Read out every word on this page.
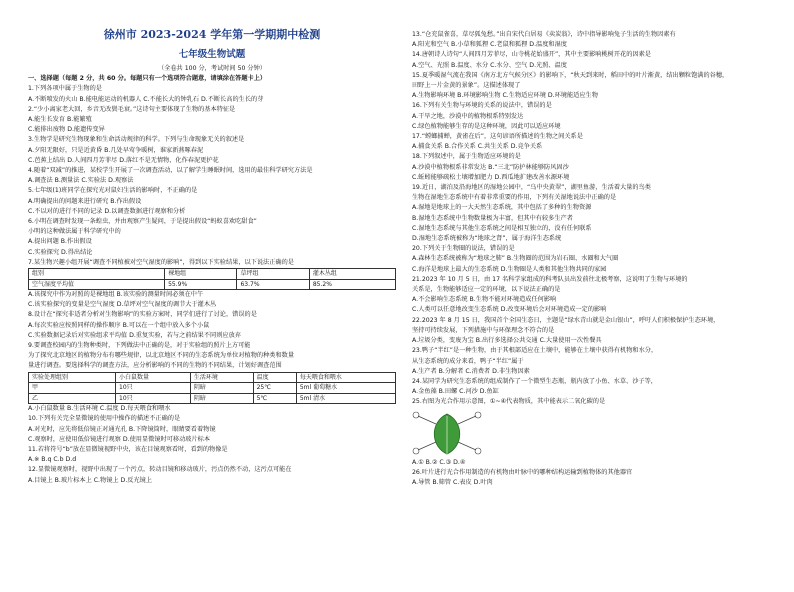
徐州市 2023-2024 学年第一学期期中检测
七年级生物试题
（全卷共 100 分，考试时间 50 分钟）
一、选择题（每题 2 分，共 60 分。每题只有一个选项符合题意，请填涂在答题卡上）
1.下列各项中属于生物的是
A.不断喷发的火山 B.能电能运动的机器人 C.不能长大的钟乳石 D.不断长高的生长的芽
2.“少小离家老大回，乡音无改鬓毛衰。”这诗句主要体现了生物的基本特征是
A.能生长发育 B.能繁殖
C.能排出废物 D.能遗传变异
3.生物学是研究生物现象和生命活动规律的科学。下列与生命现象无关的叙述是
A.夕阳无限好，只是近黄昏 B.几处早莺争暖树，谁家新燕啄春泥
C.芭蕉上结出 D.人间四月芳菲尽 D.落红不是无情物，化作春泥更护花
4.随着“双减”的推进，某校学生开展了一次调查活动，以了解学生睡眠时间，选用的最佳科学研究方法是
A.调查法 B.测量法 C.实验法 D.观察法
5.七年级(1)班同学在探究光对鼠妇生活的影响时，不正确的是
A.明确提出的问题来进行研究 B.作出假设
C.不以对的进行不同的记录 D.以调查数据进行观察和分析
6.小明在调查时发现一条蝗虫，并由观察产生疑问，于是提出假设“蚂蚁喜欢吃甜食”
小明的这种做法属于科学研究中的
A.提出问题 B.作出假设
C.实验探究 D.得出结论
7.某生物兴趣小组开展“调查不同植被对空气湿度的影响”，得到以下实验结果，以下说法正确的是
组别	裸地组	草坪组	灌木丛组
空气湿度平均值	55.9%	63.7%	85.2%
A.该探究中作为对照的是裸地组 B.该实验的测量时间必须在中午
C.该实验探究的变量是空气湿度 D.草坪对空气湿度的调节大于灌木丛
8.设计在“探究非适者分析对生物影响”的实验方案时，同学们进行了讨论，错误的是
A.每次实验应按照同样的操作顺序 B.可以在一个组中放入多个小鼠
C.实验数据记录后对实验组求平均值 D.重复实验，若与之前结果不同则应放弃
9.要调查校园内的生物种类时，下列做法中正确的是，对于实验组的照片上方可能
为了探究北京地区的植物分布有哪些规律，以北京地区不同的生态系统为单位对植物的种类和数量
量进行调查。要选择科学的调查方法，应分析影响的不同的生物的不同结果，计划好调查范围
实验处理组别	小白鼠数量	生活环境	温度	每天喂食和喂水
甲	10只	阴暗	25℃	5ml 葡萄糖水
乙	10只	阴暗	5℃	5ml 清水
A.小白鼠数量 B.生活环境 C.温度 D.每天喂食和喂水
10.下列有关完全显微镜的使用中操作的描述不正确的是
A.对光时，应先将低倍镜正对通光孔 B.下降镜筒时，眼睛要看着物镜
C.观察时，应使用低倍镜进行观察 D.使用显微镜时可移动玻片标本
11.若将符号“b”放在显微镜视野中央，该在目镜观察看时，看到的物像是
A.※ B.q C.b D.d
12.显微镜观察时，视野中出现了一个污点，转动目镜和移动玻片，污点仍然不动，这污点可能在
A.目镜上 B.玻片标本上 C.物镜上 D.反光镜上
13.“仓充鼠雀喜，草尽狐兔愁。”出自宋代白居易《卖炭翁》，诗中指导影响兔子生活的生物因素有
A.阳光和空气 B.小草和狐狸 C.老鼠和狐狸 D.温度和湿度
14.唐朝诗人诗句“人间四月芳菲尽，山寺桃花始盛开”，其中主要影响桃树开花的因素是
A.空气、光照 B.温度、水分 C.水分、空气 D.光照、温度
15.夏季暖湿气流在我国《南方北方气候分区》的影响下，“秋天到来时，稻田中的叶片渐黄，结出颗粒饱满的谷穗，
田野上一片金黄的景象”。这描述体现了
A.生物影响环境 B.环境影响生物 C.生物适应环境 D.环境能适应生物
16.下列有关生物与环境的关系的说法中，错误的是
A.干旱之地，沙漠中的植物根系特别发达
C.绿色植物能够生存的是这种环境，因此可以适应环境
17.“螳螂捕蝉，黄雀在后”，这句谚语所描述的生物之间关系是
A.捕食关系 B.合作关系 C.共生关系 D.竞争关系
18.下列叙述中，属于生物适应环境的是
A.沙漠中植物根系非常发达 B.“三北”防护林能够防风固沙
C.蚯蚓能够疏松土壤增加肥力 D.西瓜地扩建改善水源环境
19.近日，湖泊及沿海地区的湿地公园中，“乌中央黄翠”，湖里鱼游，生活着大量的鸟类
生物在湿地生态系统中有着非常重要的作用，下列有关湿地说法中正确的是
A.湿地是地球上的一大天然生态系统，其中包括了多种的生物资源
B.湿地生态系统中生物数量极为丰富，但其中有较多生产者
C.湿地生态系统与其他生态系统之间是相互独立的，没有任何联系
D.湿地生态系统被称为“地球之肾”，属于海洋生态系统
20.下列关于生物圈的说法，错误的是
A.森林生态系统被称为“地球之肺” B.生物圈的范围为岩石圈、水圈和大气圈
C.海洋是地球上最大的生态系统 D.生物圈是人类和其他生物共同的家园
21.2023 年 10 月 5 日，由 17 名科学家组成的科考队员出发前往北极考察，这说明了生物与环境的
关系是，生物能够适应一定的环境，以下说法正确的是
A.不会影响生态系统 B.生物不能对环境造成任何影响
C.人类可以任意地改变生态系统 D.改变环境后会对环境造成一定的影响
22.2023 年 8 月 15 日，我国首个全国生态日，主题是“绿水青山就是金山银山”，呼吁人们积极保护生态环境，
坚持可持续发展，下列措施中与环保理念不符合的是
A.垃圾分类，变废为宝 B.出行多选择公共交通 C.大量使用一次性餐具
23.鸭子“半红”是一种生物，由于其根部适应在土壤中，能够在土壤中获得有机物和水分，
从生态系统的成分来看，鸭子“半红”属于
A.生产者 B.分解者 C.消费者 D.非生物因素
24.某同学为研究生态系统的组成制作了一个微型生态瓶，瓶内放了小鱼、水草、沙子等，
A.金鱼藻 B.田螺 C.河沙 D.鱼缸
25.右图为光合作用示意图，①~④代表物质，其中能表示二氧化碳的是
A.① B.② C.③ D.④
26.叶片进行光合作用制造的有机物由叶脉中的哪种结构运输到植物体的其他器官
A.导管 B.筛管 C.表皮 D.叶肉
